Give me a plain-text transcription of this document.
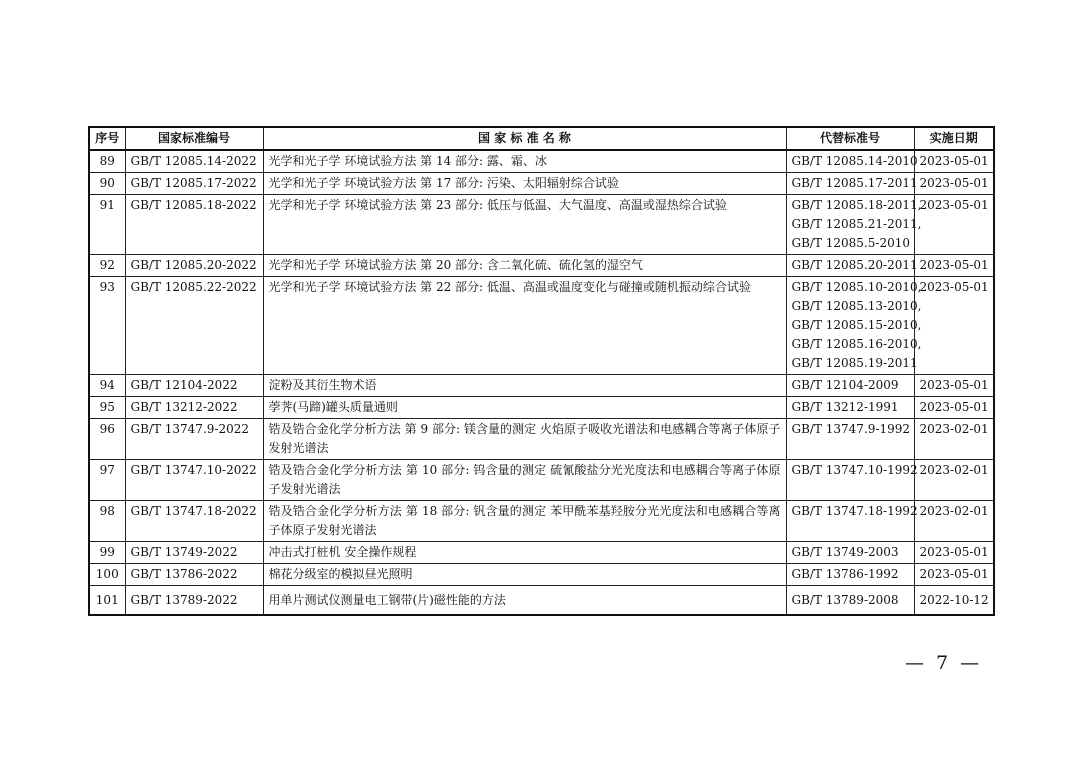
序号	国家标准编号	国 家 标 准 名 称	代替标准号	实施日期
89	GB/T 12085.14-2022	光学和光子学 环境试验方法 第 14 部分: 露、霜、冰	GB/T 12085.14-2010	2023-05-01
90	GB/T 12085.17-2022	光学和光子学 环境试验方法 第 17 部分: 污染、太阳辐射综合试验	GB/T 12085.17-2011	2023-05-01
91	GB/T 12085.18-2022	光学和光子学 环境试验方法 第 23 部分: 低压与低温、大气温度、高温或湿热综合试验	GB/T 12085.18-2011,
GB/T 12085.21-2011,
GB/T 12085.5-2010	2023-05-01
92	GB/T 12085.20-2022	光学和光子学 环境试验方法 第 20 部分: 含二氧化硫、硫化氢的湿空气	GB/T 12085.20-2011	2023-05-01
93	GB/T 12085.22-2022	光学和光子学 环境试验方法 第 22 部分: 低温、高温或温度变化与碰撞或随机振动综合试验	GB/T 12085.10-2010,
GB/T 12085.13-2010,
GB/T 12085.15-2010,
GB/T 12085.16-2010,
GB/T 12085.19-2011	2023-05-01
94	GB/T 12104-2022	淀粉及其衍生物术语	GB/T 12104-2009	2023-05-01
95	GB/T 13212-2022	荸荠(马蹄)罐头质量通则	GB/T 13212-1991	2023-05-01
96	GB/T 13747.9-2022	锆及锆合金化学分析方法 第 9 部分: 镁含量的测定 火焰原子吸收光谱法和电感耦合等离子体原子发射光谱法	GB/T 13747.9-1992	2023-02-01
97	GB/T 13747.10-2022	锆及锆合金化学分析方法 第 10 部分: 钨含量的测定 硫氰酸盐分光光度法和电感耦合等离子体原子发射光谱法	GB/T 13747.10-1992	2023-02-01
98	GB/T 13747.18-2022	锆及锆合金化学分析方法 第 18 部分: 钒含量的测定 苯甲酰苯基羟胺分光光度法和电感耦合等离子体原子发射光谱法	GB/T 13747.18-1992	2023-02-01
99	GB/T 13749-2022	冲击式打桩机 安全操作规程	GB/T 13749-2003	2023-05-01
100	GB/T 13786-2022	棉花分级室的模拟昼光照明	GB/T 13786-1992	2023-05-01
101	GB/T 13789-2022	用单片测试仪测量电工钢带(片)磁性能的方法	GB/T 13789-2008	2022-10-12
— 7 —
